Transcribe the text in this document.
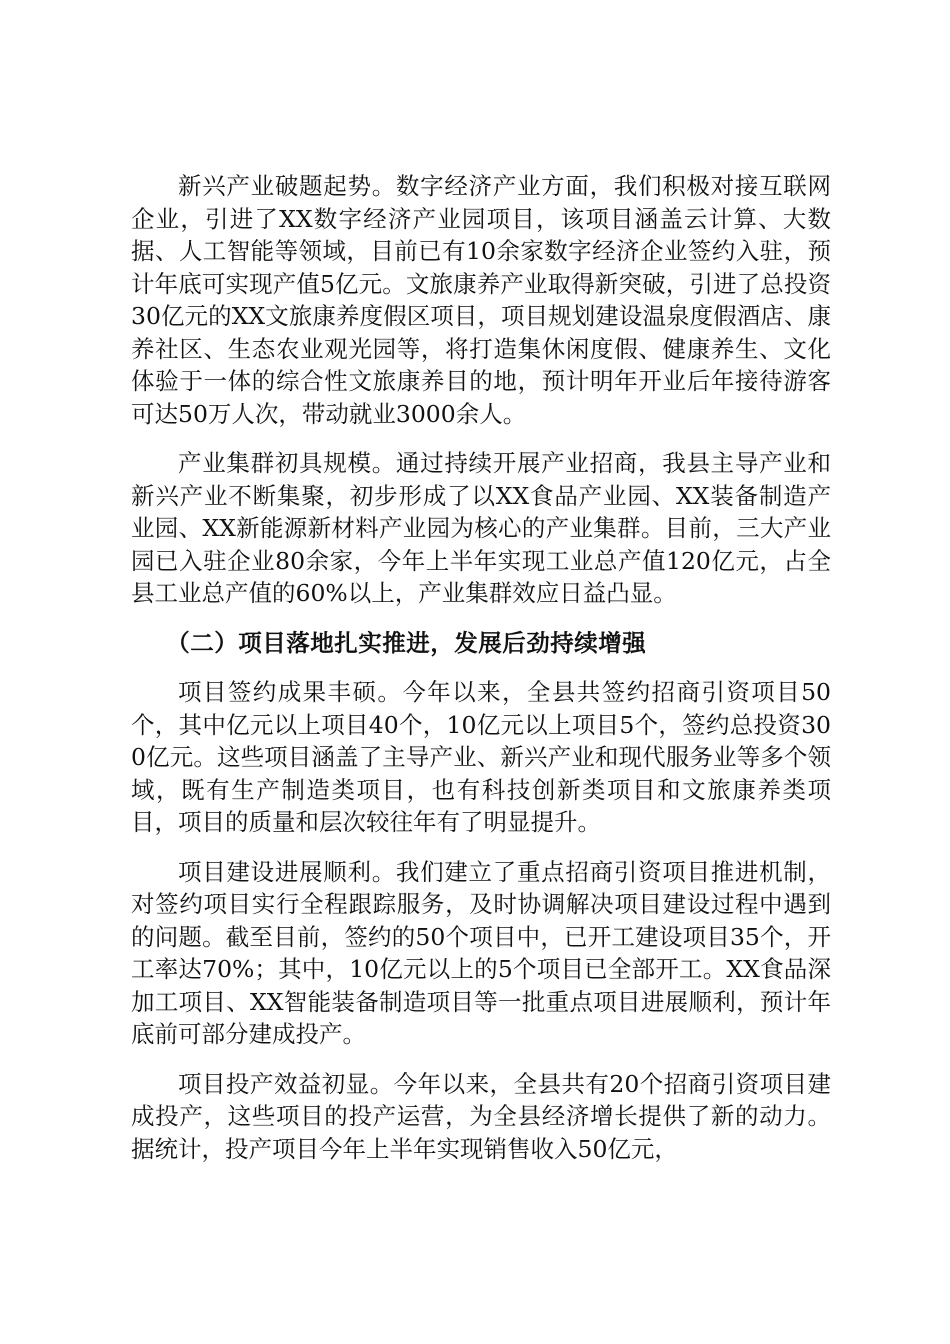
新兴产业破题起势。数字经济产业方面，我们积极对接互联网企业，引进了XX数字经济产业园项目，该项目涵盖云计算、大数据、人工智能等领域，目前已有10余家数字经济企业签约入驻，预计年底可实现产值5亿元。文旅康养产业取得新突破，引进了总投资30亿元的XX文旅康养度假区项目，项目规划建设温泉度假酒店、康养社区、生态农业观光园等，将打造集休闲度假、健康养生、文化体验于一体的综合性文旅康养目的地，预计明年开业后年接待游客可达50万人次，带动就业3000余人。

产业集群初具规模。通过持续开展产业招商，我县主导产业和新兴产业不断集聚，初步形成了以XX食品产业园、XX装备制造产业园、XX新能源新材料产业园为核心的产业集群。目前，三大产业园已入驻企业80余家，今年上半年实现工业总产值120亿元，占全县工业总产值的60%以上，产业集群效应日益凸显。

（二）项目落地扎实推进，发展后劲持续增强

项目签约成果丰硕。今年以来，全县共签约招商引资项目50个，其中亿元以上项目40个，10亿元以上项目5个，签约总投资300亿元。这些项目涵盖了主导产业、新兴产业和现代服务业等多个领域，既有生产制造类项目，也有科技创新类项目和文旅康养类项目，项目的质量和层次较往年有了明显提升。

项目建设进展顺利。我们建立了重点招商引资项目推进机制，对签约项目实行全程跟踪服务，及时协调解决项目建设过程中遇到的问题。截至目前，签约的50个项目中，已开工建设项目35个，开工率达70%；其中，10亿元以上的5个项目已全部开工。XX食品深加工项目、XX智能装备制造项目等一批重点项目进展顺利，预计年底前可部分建成投产。

项目投产效益初显。今年以来，全县共有20个招商引资项目建成投产，这些项目的投产运营，为全县经济增长提供了新的动力。据统计，投产项目今年上半年实现销售收入50亿元，
